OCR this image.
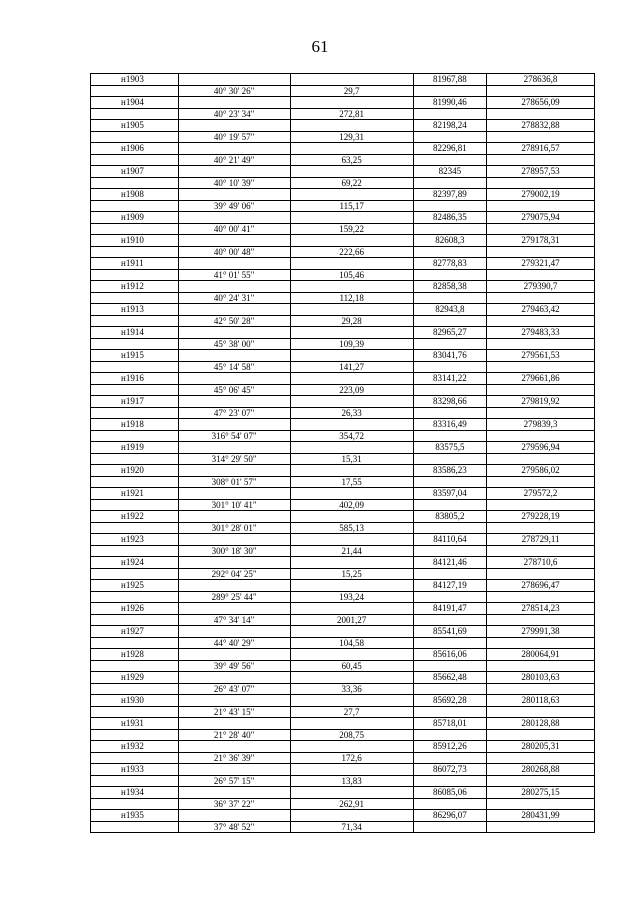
61
н1903			81967,88	278636,8
	40° 30' 26"	29,7		
н1904			81990,46	278656,09
	40° 23' 34"	272,81		
н1905			82198,24	278832,88
	40° 19' 57"	129,31		
н1906			82296,81	278916,57
	40° 21' 49"	63,25		
н1907			82345	278957,53
	40° 10' 39"	69,22		
н1908			82397,89	279002,19
	39° 49' 06"	115,17		
н1909			82486,35	279075,94
	40° 00' 41"	159,22		
н1910			82608,3	279178,31
	40° 00' 48"	222,66		
н1911			82778,83	279321,47
	41° 01' 55"	105,46		
н1912			82858,38	279390,7
	40° 24' 31"	112,18		
н1913			82943,8	279463,42
	42° 50' 28"	29,28		
н1914			82965,27	279483,33
	45° 38' 00"	109,39		
н1915			83041,76	279561,53
	45° 14' 58"	141,27		
н1916			83141,22	279661,86
	45° 06' 45"	223,09		
н1917			83298,66	279819,92
	47° 23' 07"	26,33		
н1918			83316,49	279839,3
	316° 54' 07"	354,72		
н1919			83575,5	279596,94
	314° 29' 50"	15,31		
н1920			83586,23	279586,02
	308° 01' 57"	17,55		
н1921			83597,04	279572,2
	301° 10' 41"	402,09		
н1922			83805,2	279228,19
	301° 28' 01"	585,13		
н1923			84110,64	278729,11
	300° 18' 30"	21,44		
н1924			84121,46	278710,6
	292° 04' 25"	15,25		
н1925			84127,19	278696,47
	289° 25' 44"	193,24		
н1926			84191,47	278514,23
	47° 34' 14"	2001,27		
н1927			85541,69	279991,38
	44° 40' 29"	104,58		
н1928			85616,06	280064,91
	39° 49' 56"	60,45		
н1929			85662,48	280103,63
	26° 43' 07"	33,36		
н1930			85692,28	280118,63
	21° 43' 15"	27,7		
н1931			85718,01	280128,88
	21° 28' 40"	208,75		
н1932			85912,26	280205,31
	21° 36' 39"	172,6		
н1933			86072,73	280268,88
	26° 57' 15"	13,83		
н1934			86085,06	280275,15
	36° 37' 22"	262,91		
н1935			86296,07	280431,99
	37° 48' 52"	71,34		
